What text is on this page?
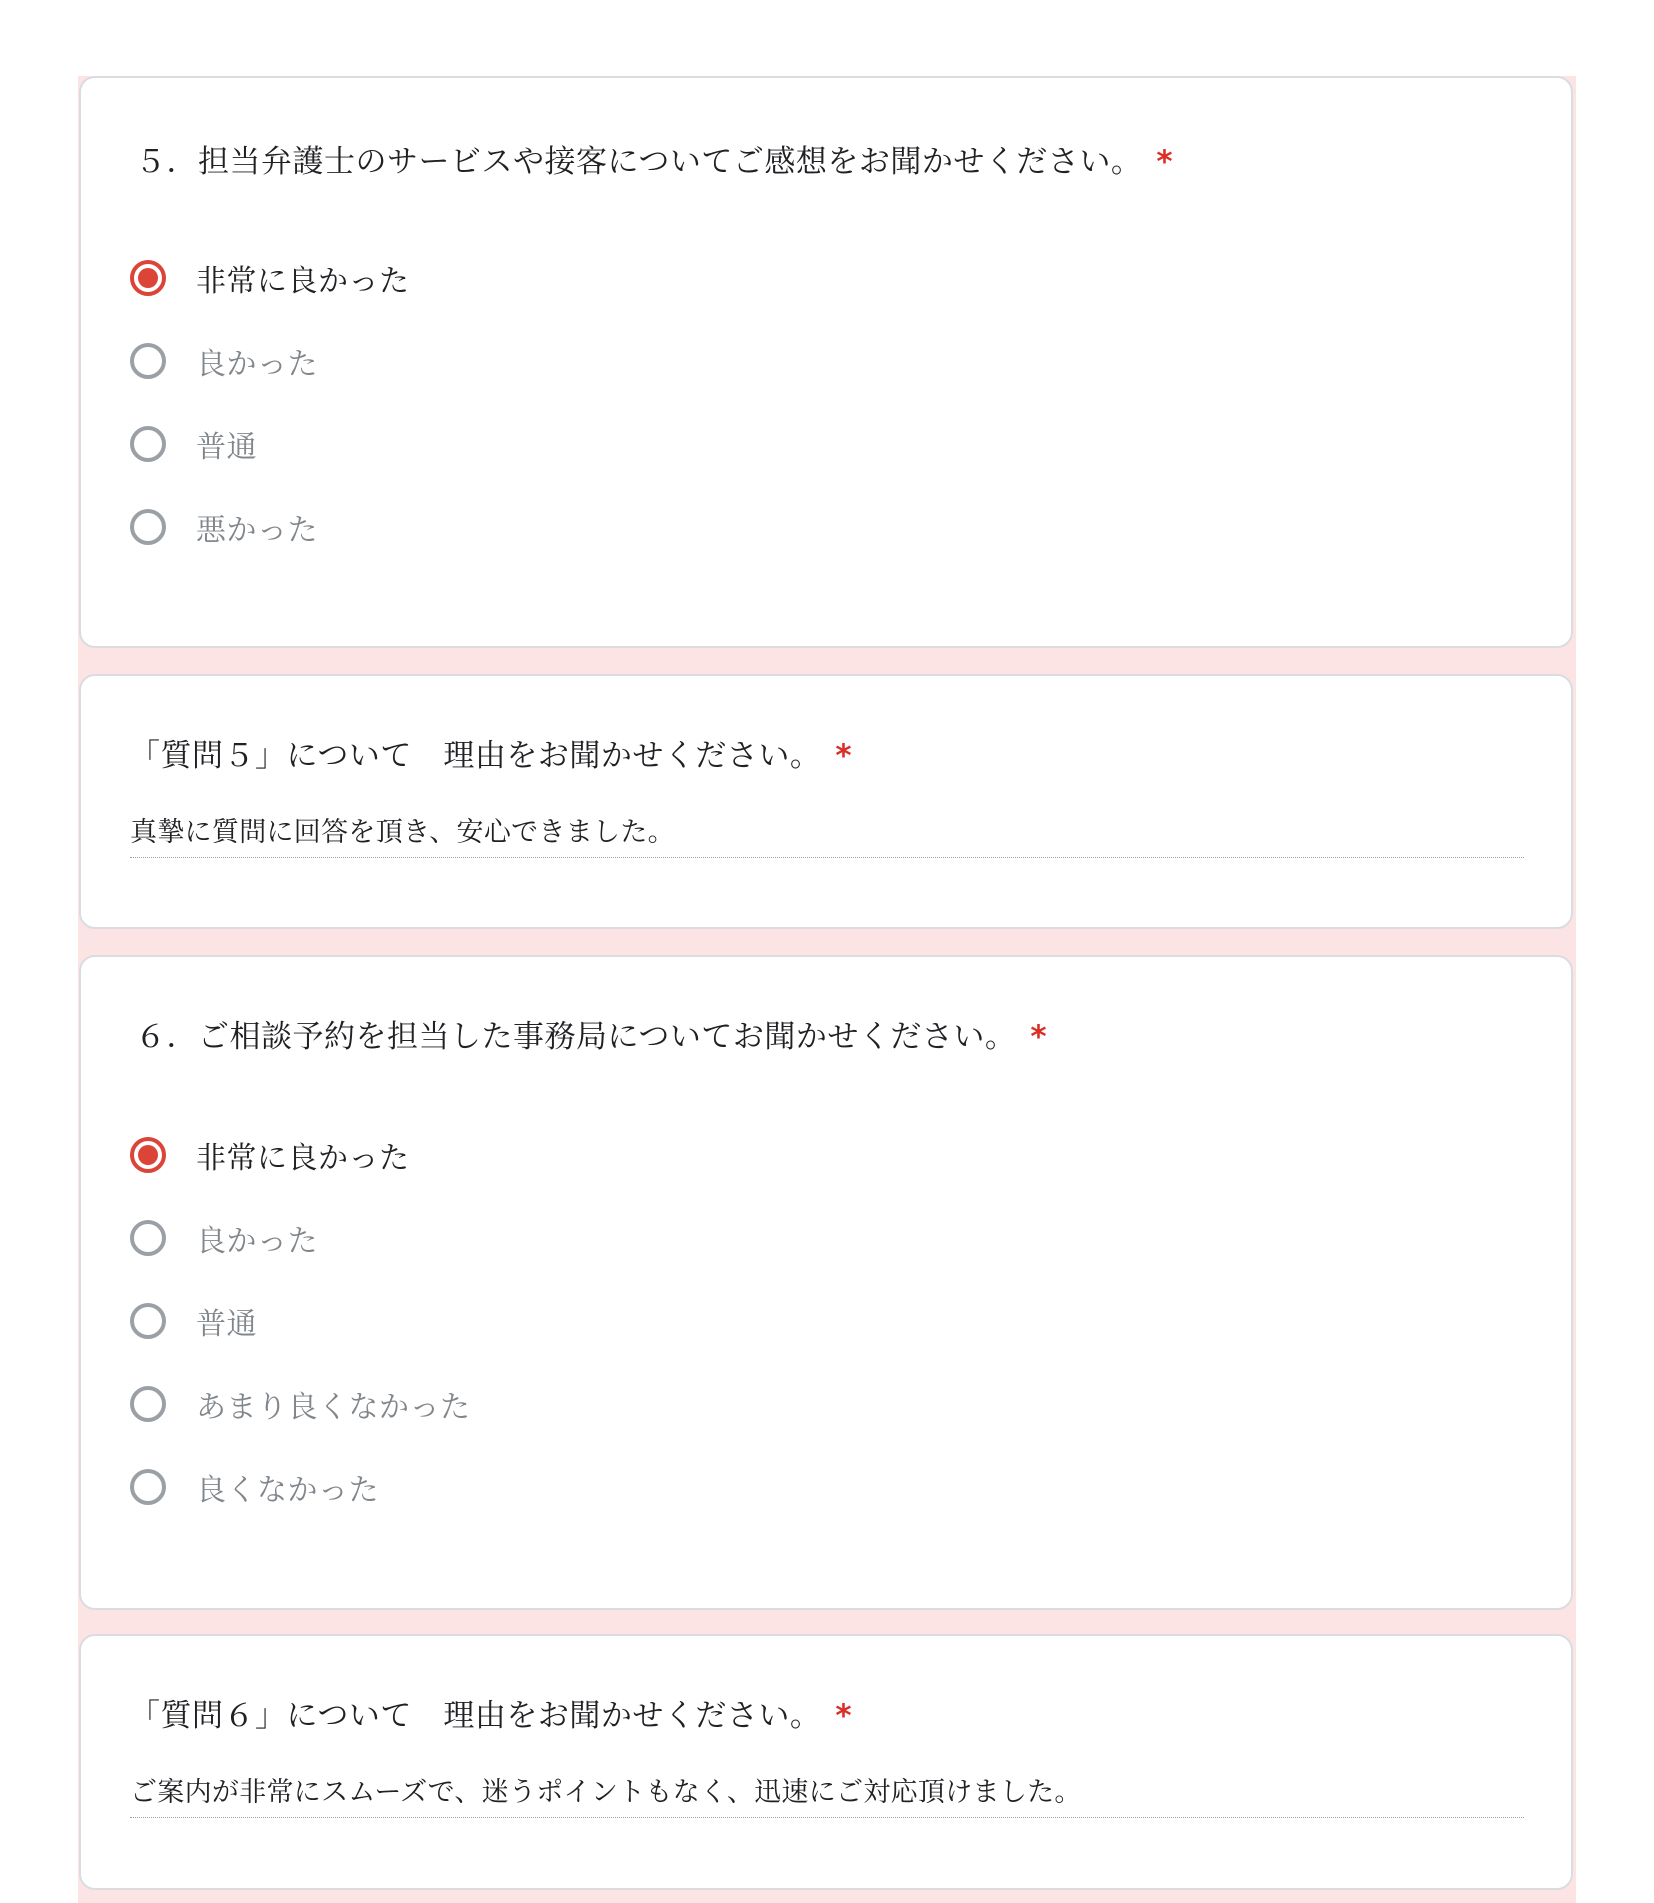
５．担当弁護士のサービスや接客についてご感想をお聞かせください。 *
非常に良かった
良かった
普通
悪かった
「質問５」について　理由をお聞かせください。 *
真摯に質問に回答を頂き、安心できました。
６．ご相談予約を担当した事務局についてお聞かせください。 *
非常に良かった
良かった
普通
あまり良くなかった
良くなかった
「質問６」について　理由をお聞かせください。 *
ご案内が非常にスムーズで、迷うポイントもなく、迅速にご対応頂けました。
